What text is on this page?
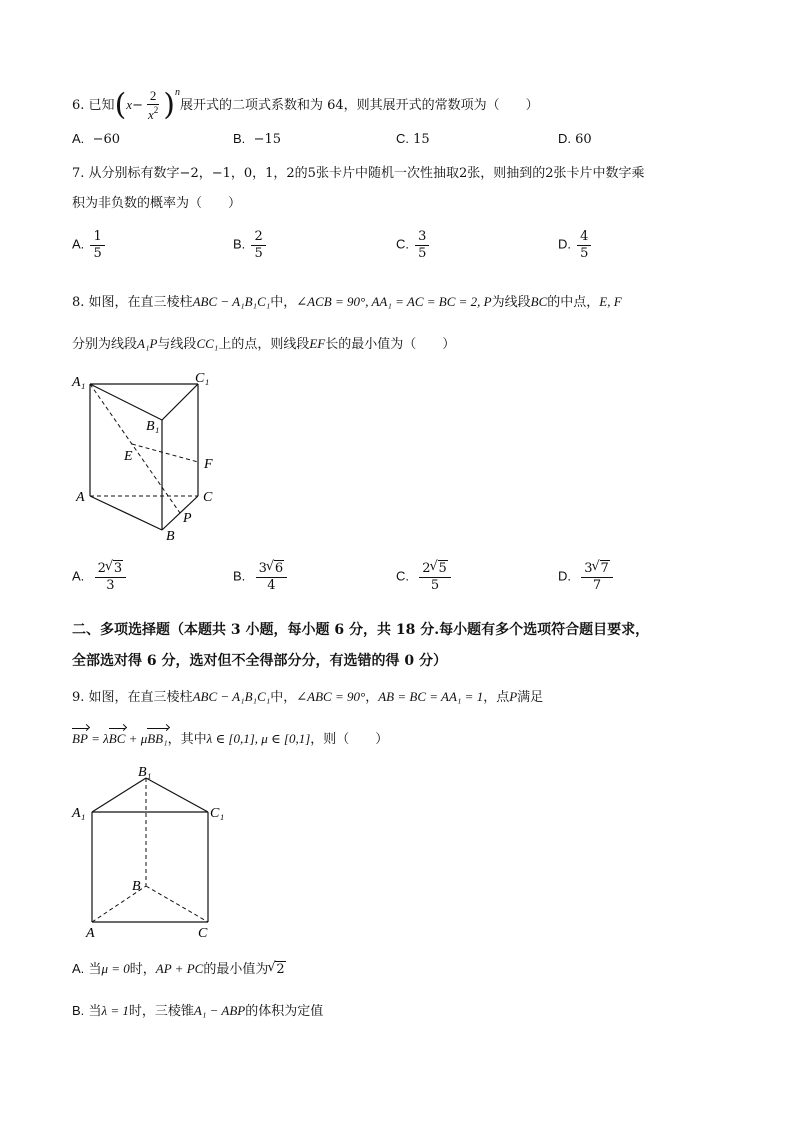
6. 已知$(x- \frac{2}{x^2} )^n$展开式的二项式系数和为 64，则其展开式的常数项为（　　）
A. −60	B. −15	C. 15	D. 60
7. 从分别标有数字−2，−1，0，1，2的5张卡片中随机一次性抽取2张，则抽到的2张卡片中数字乘
积为非负数的概率为（　　）
A. $\frac{1}{5}$	B. $\frac{2}{5}$	C. $\frac{3}{5}$	D. $\frac{4}{5}$
8. 如图，在直三棱柱ABC − A₁B₁C₁中，∠ACB = 90°, AA₁ = AC = BC = 2, P为线段BC的中点，E, F
分别为线段A₁P与线段CC₁上的点，则线段EF长的最小值为（　　）
A₁	C₁
B₁
E
F
A	C
P
B
A. $\frac{2 √ 3}{3}$	B. $\frac{3 √ 6}{4}$	C. $\frac{2 √ 5}{5}$	D. $\frac{3 √ 7}{7}$
二、多项选择题（本题共 3 小题，每小题 6 分，共 18 分.每小题有多个选项符合题目要求，
全部选对得 6 分，选对但不全得部分分，有选错的得 0 分）
9. 如图，在直三棱柱ABC − A₁B₁C₁中，∠ABC = 90°，AB = BC = AA₁ = 1，点P满足
BP = λBC + μBB₁，其中λ ∈ [0,1], μ ∈ [0,1]，则（　　）
B₁
A₁	C₁
B
A	C
A. 当μ = 0时，AP + PC的最小值为 √ 2
B. 当λ = 1时，三棱锥A₁ − ABP的体积为定值
